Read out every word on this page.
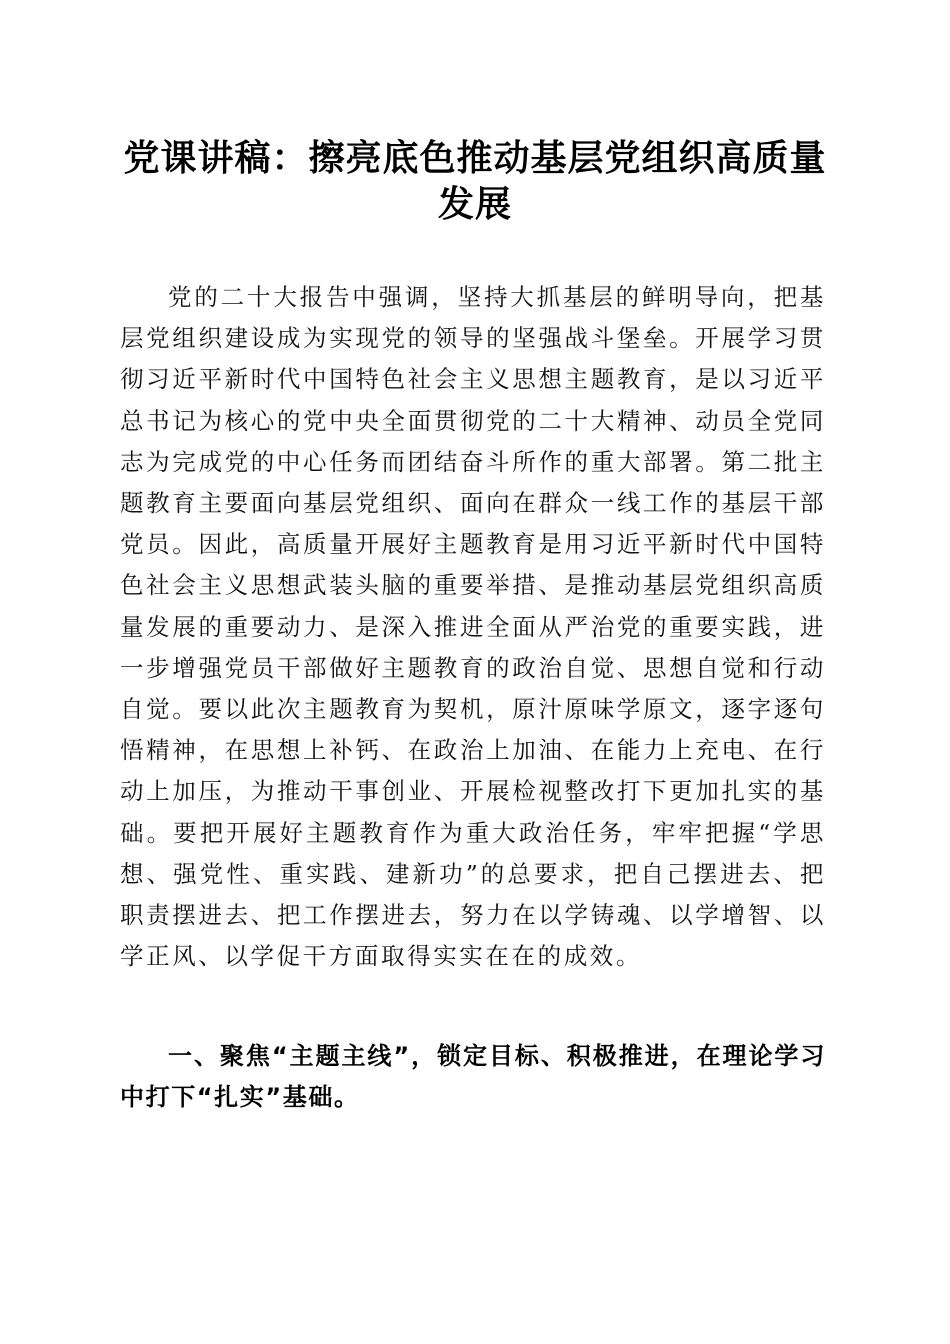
党课讲稿：擦亮底色推动基层党组织高质量发展

党的二十大报告中强调，坚持大抓基层的鲜明导向，把基层党组织建设成为实现党的领导的坚强战斗堡垒。开展学习贯彻习近平新时代中国特色社会主义思想主题教育，是以习近平总书记为核心的党中央全面贯彻党的二十大精神、动员全党同志为完成党的中心任务而团结奋斗所作的重大部署。第二批主题教育主要面向基层党组织、面向在群众一线工作的基层干部党员。因此，高质量开展好主题教育是用习近平新时代中国特色社会主义思想武装头脑的重要举措、是推动基层党组织高质量发展的重要动力、是深入推进全面从严治党的重要实践，进一步增强党员干部做好主题教育的政治自觉、思想自觉和行动自觉。要以此次主题教育为契机，原汁原味学原文，逐字逐句悟精神，在思想上补钙、在政治上加油、在能力上充电、在行动上加压，为推动干事创业、开展检视整改打下更加扎实的基础。要把开展好主题教育作为重大政治任务，牢牢把握“学思想、强党性、重实践、建新功”的总要求，把自己摆进去、把职责摆进去、把工作摆进去，努力在以学铸魂、以学增智、以学正风、以学促干方面取得实实在在的成效。

一、聚焦“主题主线”，锁定目标、积极推进，在理论学习中打下“扎实”基础。
